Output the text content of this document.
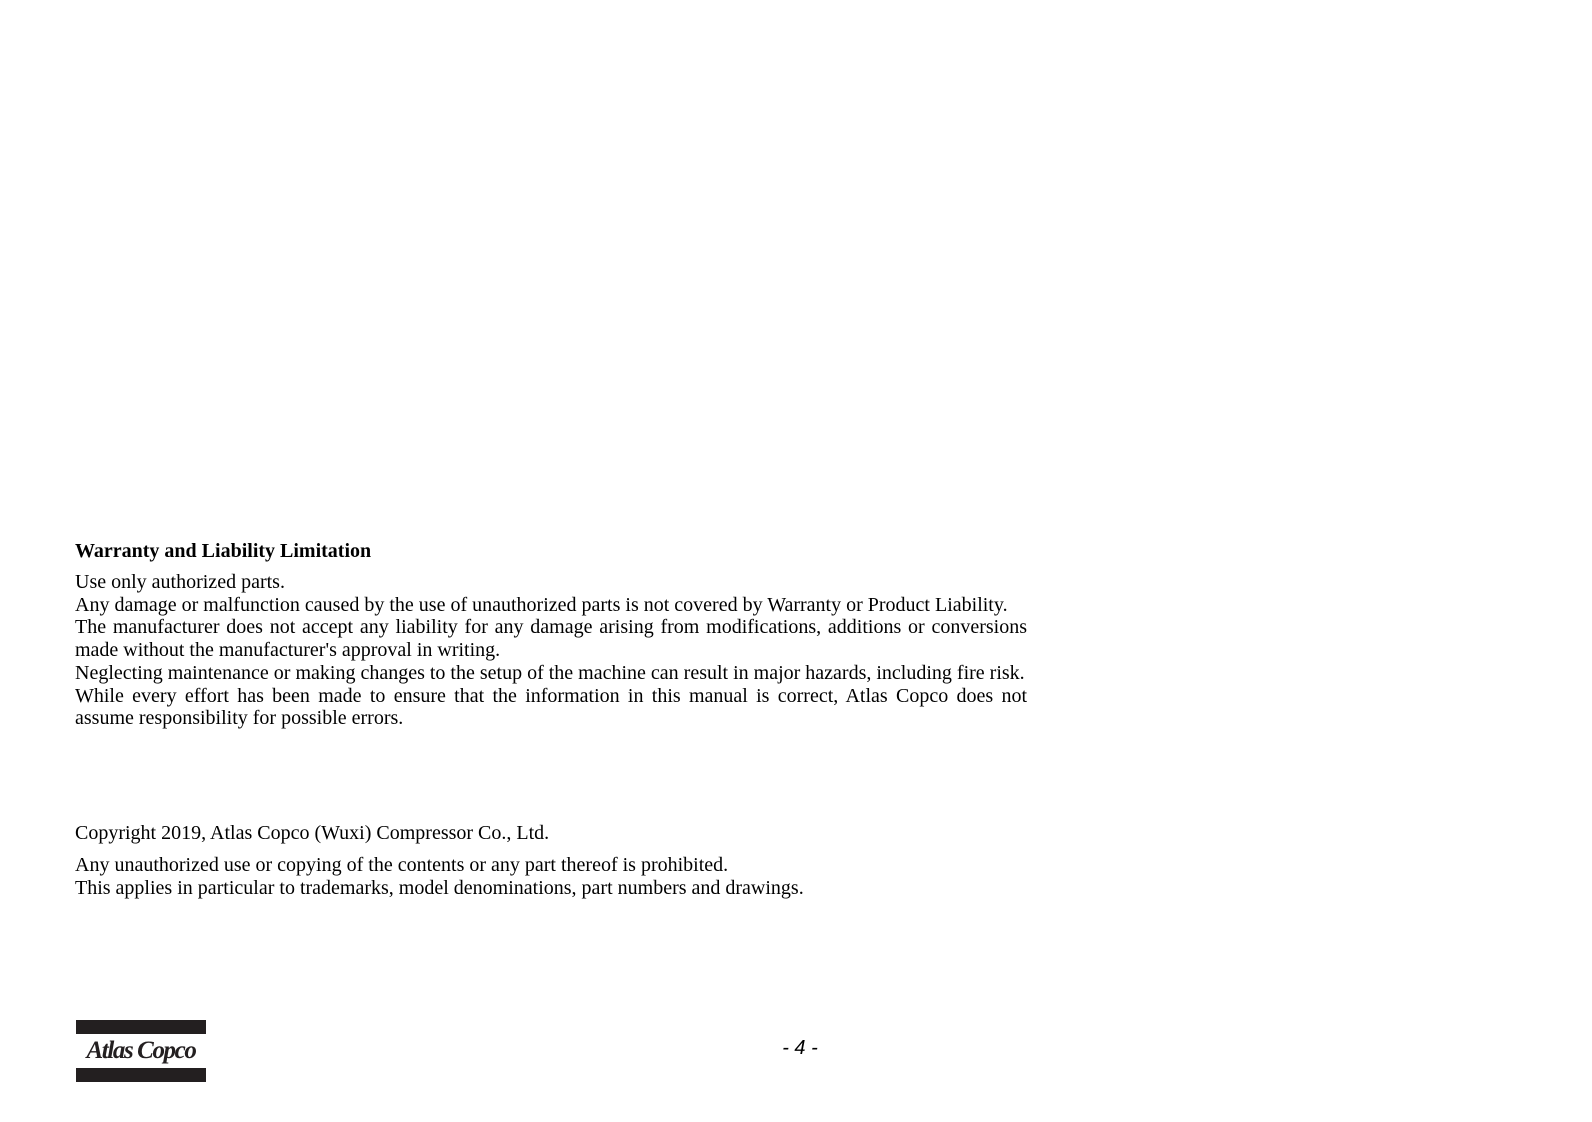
Warranty and Liability Limitation

Use only authorized parts.

Any damage or malfunction caused by the use of unauthorized parts is not covered by Warranty or Product Liability.

The manufacturer does not accept any liability for any damage arising from modifications, additions or conversions made without the manufacturer's approval in writing.

Neglecting maintenance or making changes to the setup of the machine can result in major hazards, including fire risk.

While every effort has been made to ensure that the information in this manual is correct, Atlas Copco does not assume responsibility for possible errors.

Copyright 2019, Atlas Copco (Wuxi) Compressor Co., Ltd.

Any unauthorized use or copying of the contents or any part thereof is prohibited.

This applies in particular to trademarks, model denominations, part numbers and drawings.

Atlas Copco	- 4 -
